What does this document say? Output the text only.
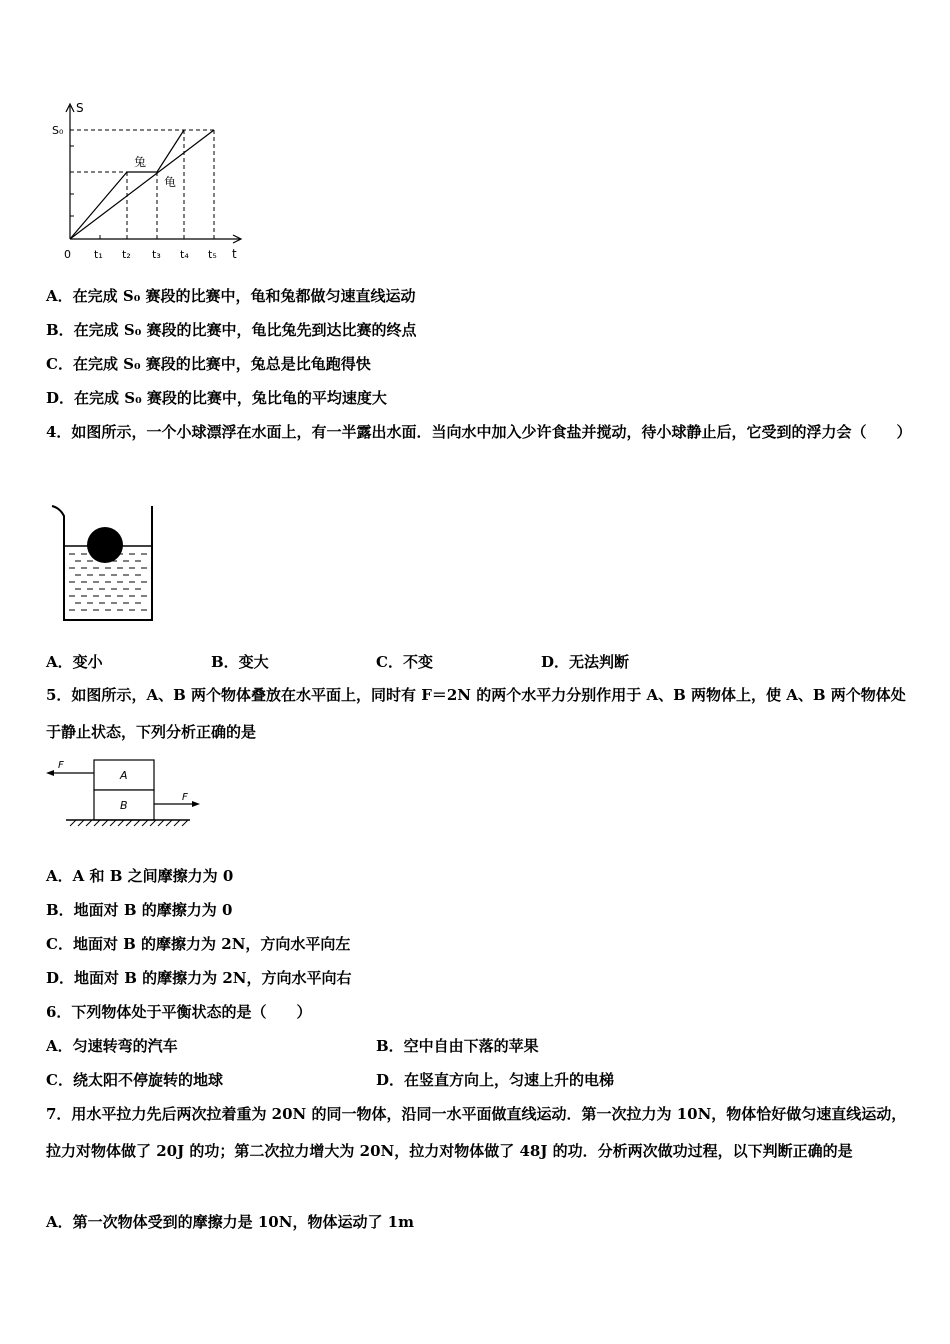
S
S₀
0 t₁ t₂ t₃ t₄ t₅ t
兔
龟
A．在完成 S₀ 赛段的比赛中，龟和兔都做匀速直线运动
B．在完成 S₀ 赛段的比赛中，龟比兔先到达比赛的终点
C．在完成 S₀ 赛段的比赛中，兔总是比龟跑得快
D．在完成 S₀ 赛段的比赛中，兔比龟的平均速度大
4．如图所示，一个小球漂浮在水面上，有一半露出水面．当向水中加入少许食盐并搅动，待小球静止后，它受到的浮力会（　　）
A．变小	B．变大	C．不变	D．无法判断
5．如图所示，A、B 两个物体叠放在水平面上，同时有 F＝2N 的两个水平力分别作用于 A、B 两物体上，使 A、B 两个物体处于静止状态，下列分析正确的是
F
F
A
B
A．A 和 B 之间摩擦力为 0
B．地面对 B 的摩擦力为 0
C．地面对 B 的摩擦力为 2N，方向水平向左
D．地面对 B 的摩擦力为 2N，方向水平向右
6．下列物体处于平衡状态的是（　　）
A．匀速转弯的汽车	B．空中自由下落的苹果
C．绕太阳不停旋转的地球	D．在竖直方向上，匀速上升的电梯
7．用水平拉力先后两次拉着重为 20N 的同一物体，沿同一水平面做直线运动．第一次拉力为 10N，物体恰好做匀速直线运动，拉力对物体做了 20J 的功；第二次拉力增大为 20N，拉力对物体做了 48J 的功．分析两次做功过程，以下判断正确的是
A．第一次物体受到的摩擦力是 10N，物体运动了 1m
